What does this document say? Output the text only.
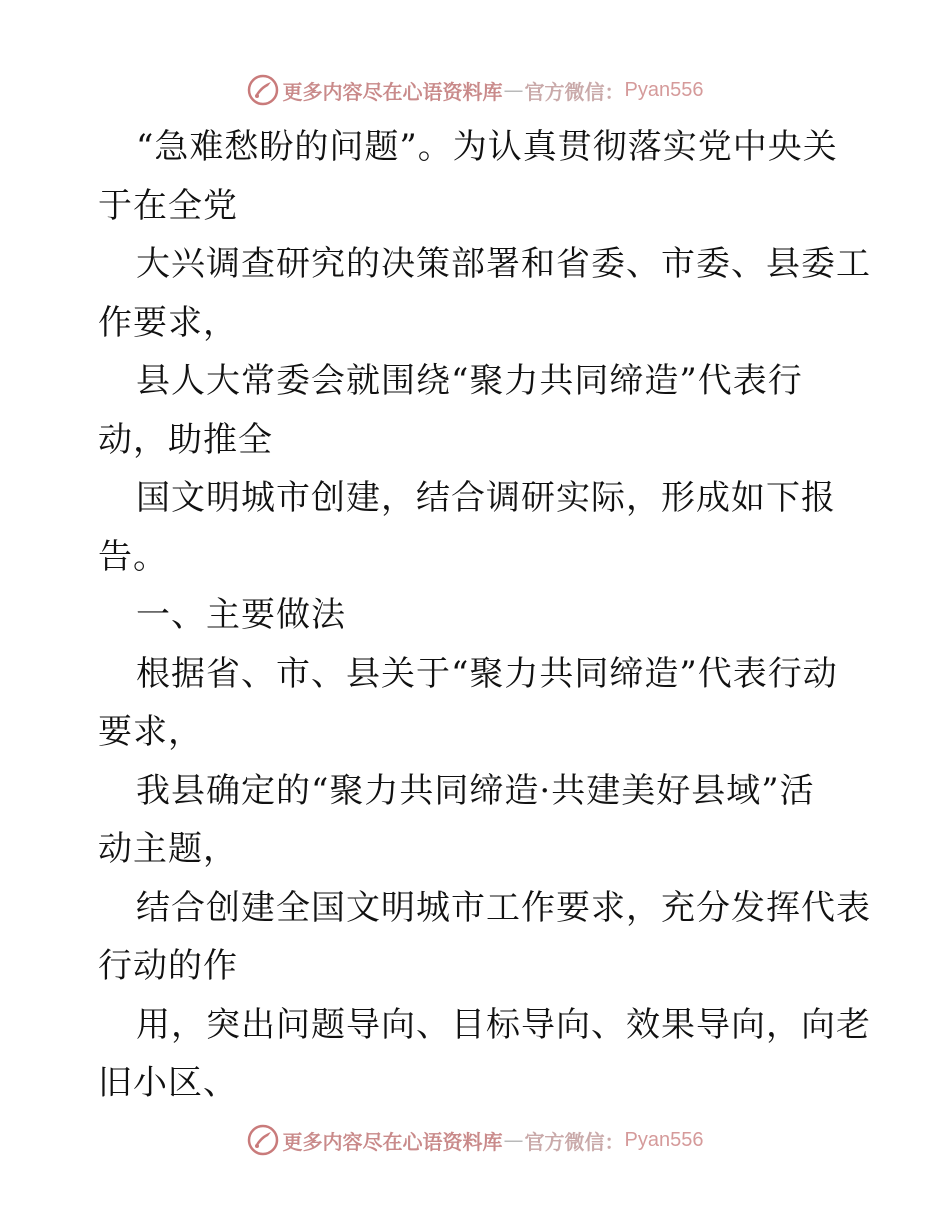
更多内容尽在心语资料库 — 官方微信： Pyan556
“急难愁盼的问题”。为认真贯彻落实党中央关
于在全党
大兴调查研究的决策部署和省委、市委、县委工
作要求，
县人大常委会就围绕“聚力共同缔造”代表行
动，助推全
国文明城市创建，结合调研实际，形成如下报
告。
一、主要做法
根据省、市、县关于“聚力共同缔造”代表行动
要求，
我县确定的“聚力共同缔造·共建美好县域”活
动主题，
结合创建全国文明城市工作要求，充分发挥代表
行动的作
用，突出问题导向、目标导向、效果导向，向老
旧小区、
更多内容尽在心语资料库 — 官方微信： Pyan556
